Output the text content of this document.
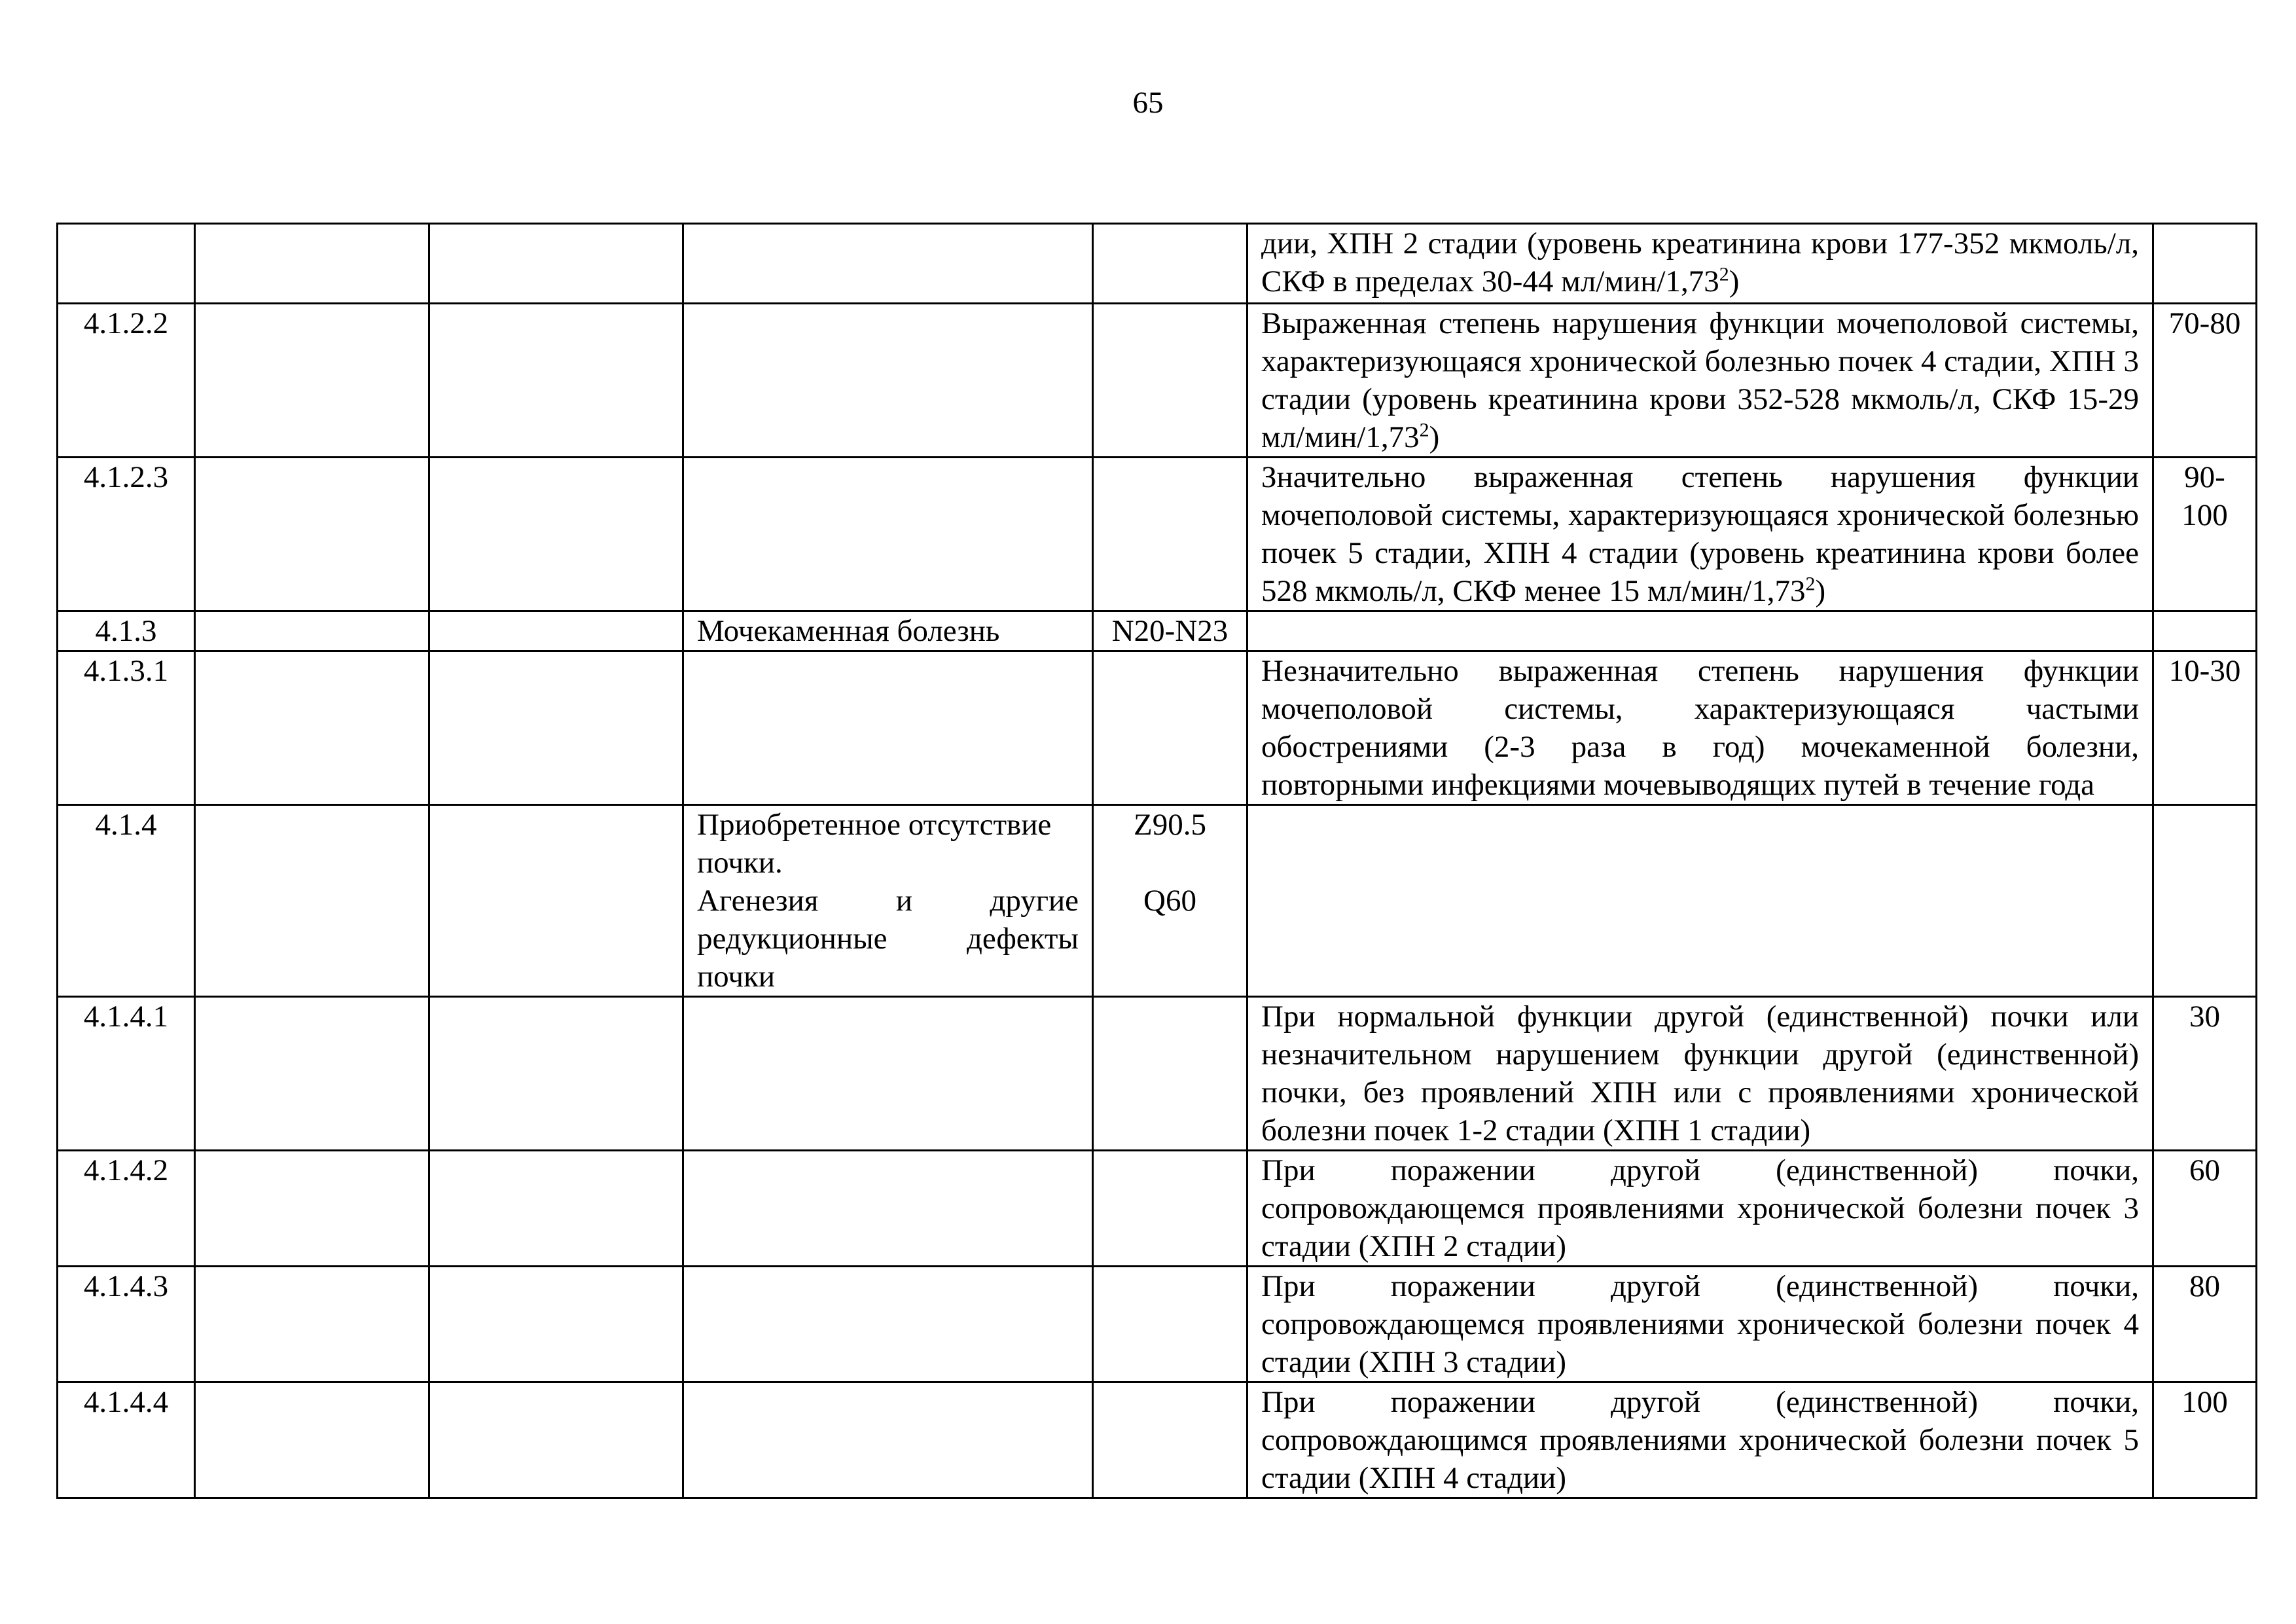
65
					дии, ХПН 2 стадии (уровень креатинина крови 177-352 мкмоль/л, СКФ в пределах 30-44 мл/мин/1,73$^2$)	
4.1.2.2					Выраженная степень нарушения функции мочеполовой системы, характеризующаяся хронической болезнью почек 4 стадии, ХПН 3 стадии (уровень креатинина крови 352-528 мкмоль/л, СКФ 15-29 мл/мин/1,73$^2$)	70-80
4.1.2.3					Значительно выраженная степень нарушения функции мочеполовой системы, характеризующаяся хронической болезнью почек 5 стадии, ХПН 4 стадии (уровень креатинина крови более 528 мкмоль/л, СКФ менее 15 мл/мин/1,73$^2$)	90-
100
4.1.3			Мочекаменная болезнь	N20-N23		

4.1.3.1					Незначительно выраженная степень нарушения функции мочеполовой системы, характеризующаяся частыми обострениями (2-3 раза в год) мочекаменной болезни, повторными инфекциями мочевыводящих путей в течение года	10-30
4.1.4			Приобретенное отсутствие почки.
Агенезия и другие редукционные дефекты почки	Z90.5
Q60		

4.1.4.1					При нормальной функции другой (единственной) почки или незначительном нарушением функции другой (единственной) почки, без проявлений ХПН или с проявлениями хронической болезни почек 1-2 стадии (ХПН 1 стадии)	30
4.1.4.2					При поражении другой (единственной) почки, сопровождающемся проявлениями хронической болезни почек 3 стадии (ХПН 2 стадии)	60
4.1.4.3					При поражении другой (единственной) почки, сопровождающемся проявлениями хронической болезни почек 4 стадии (ХПН 3 стадии)	80
4.1.4.4					При поражении другой (единственной) почки, сопровождающимся проявлениями хронической болезни почек 5 стадии (ХПН 4 стадии)	100
